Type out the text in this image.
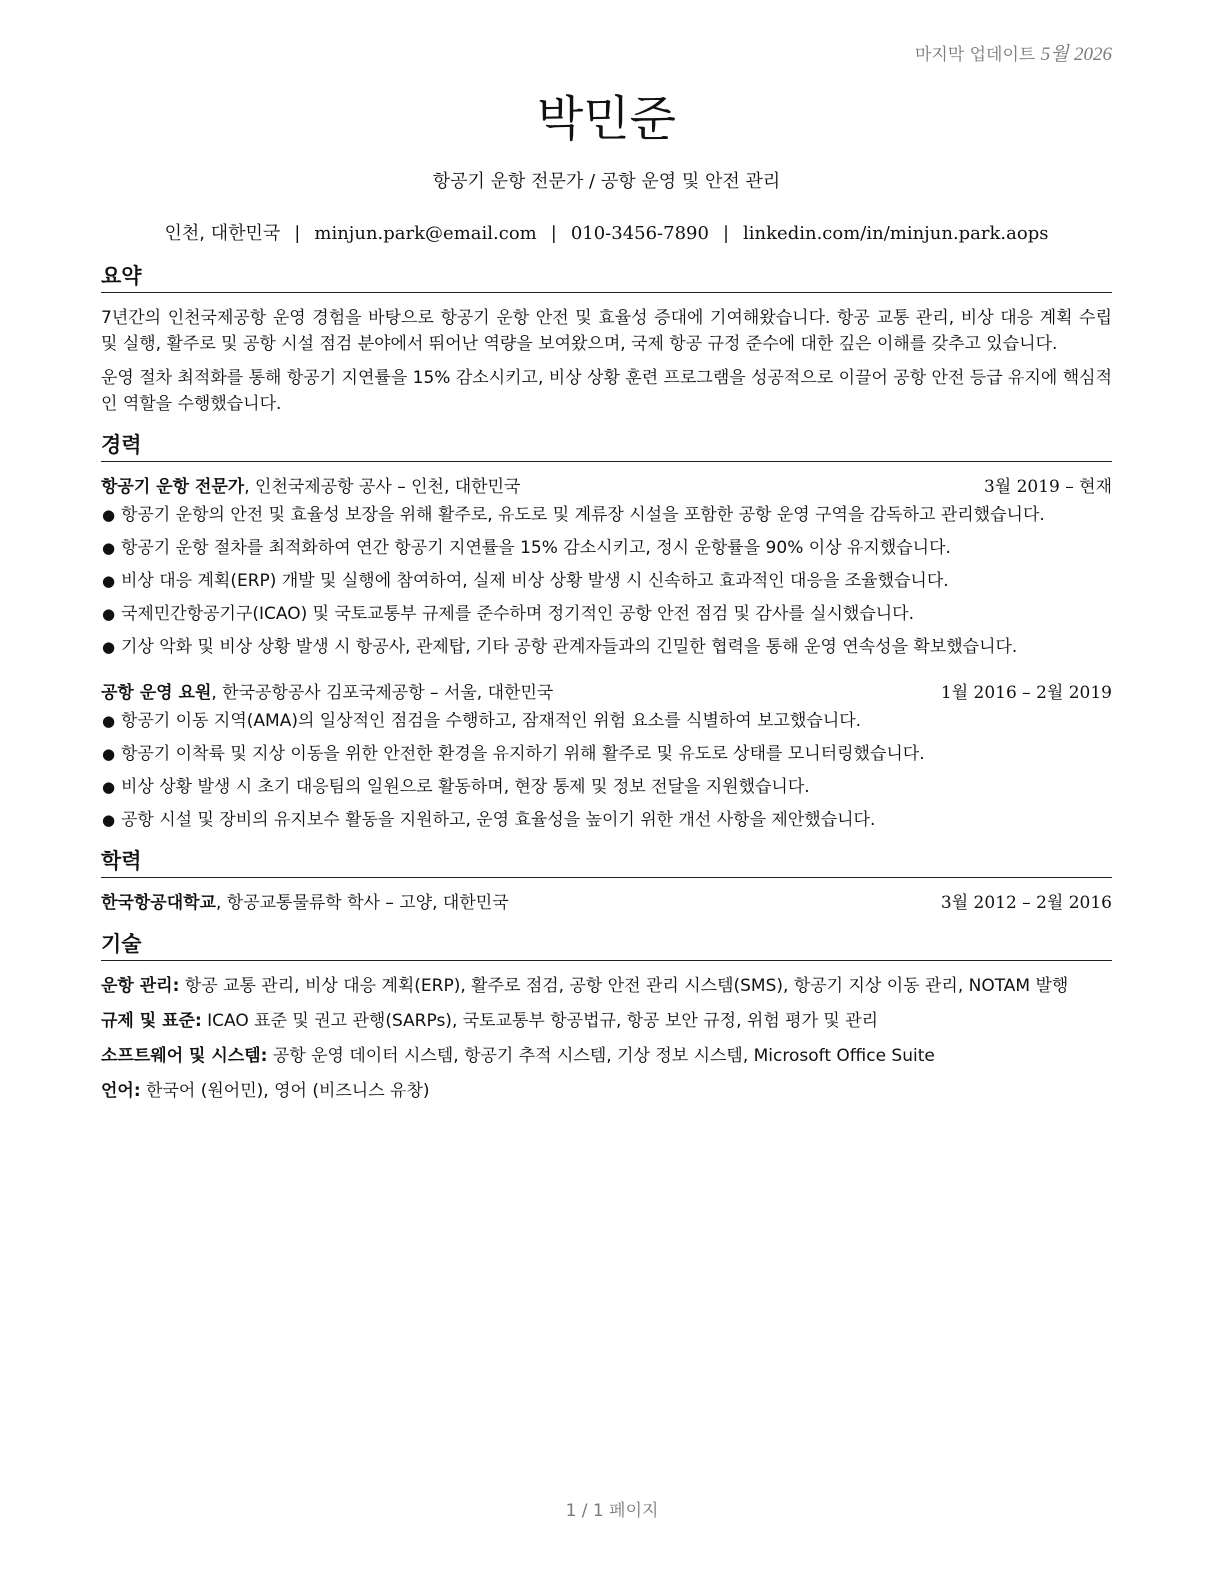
마지막 업데이트 5월 2026
박민준
항공기 운항 전문가 / 공항 운영 및 안전 관리
인천, 대한민국 | minjun.park@email.com | 010-3456-7890 | linkedin.com/in/minjun.park.aops
요약

7년간의 인천국제공항 운영 경험을 바탕으로 항공기 운항 안전 및 효율성 증대에 기여해왔습니다. 항공 교통 관리, 비상 대응 계획 수립 및 실행, 활주로 및 공항 시설 점검 분야에서 뛰어난 역량을 보여왔으며, 국제 항공 규정 준수에 대한 깊은 이해를 갖추고 있습니다.

운영 절차 최적화를 통해 항공기 지연률을 15% 감소시키고, 비상 상황 훈련 프로그램을 성공적으로 이끌어 공항 안전 등급 유지에 핵심적인 역할을 수행했습니다.

경력
항공기 운항 전문가, 인천국제공항 공사 – 인천, 대한민국	3월 2019 – 현재
● 항공기 운항의 안전 및 효율성 보장을 위해 활주로, 유도로 및 계류장 시설을 포함한 공항 운영 구역을 감독하고 관리했습니다.
● 항공기 운항 절차를 최적화하여 연간 항공기 지연률을 15% 감소시키고, 정시 운항률을 90% 이상 유지했습니다.
● 비상 대응 계획(ERP) 개발 및 실행에 참여하여, 실제 비상 상황 발생 시 신속하고 효과적인 대응을 조율했습니다.
● 국제민간항공기구(ICAO) 및 국토교통부 규제를 준수하며 정기적인 공항 안전 점검 및 감사를 실시했습니다.
● 기상 악화 및 비상 상황 발생 시 항공사, 관제탑, 기타 공항 관계자들과의 긴밀한 협력을 통해 운영 연속성을 확보했습니다.
공항 운영 요원, 한국공항공사 김포국제공항 – 서울, 대한민국	1월 2016 – 2월 2019
● 항공기 이동 지역(AMA)의 일상적인 점검을 수행하고, 잠재적인 위험 요소를 식별하여 보고했습니다.
● 항공기 이착륙 및 지상 이동을 위한 안전한 환경을 유지하기 위해 활주로 및 유도로 상태를 모니터링했습니다.
● 비상 상황 발생 시 초기 대응팀의 일원으로 활동하며, 현장 통제 및 정보 전달을 지원했습니다.
● 공항 시설 및 장비의 유지보수 활동을 지원하고, 운영 효율성을 높이기 위한 개선 사항을 제안했습니다.
학력
한국항공대학교, 항공교통물류학 학사 – 고양, 대한민국	3월 2012 – 2월 2016
기술
운항 관리: 항공 교통 관리, 비상 대응 계획(ERP), 활주로 점검, 공항 안전 관리 시스템(SMS), 항공기 지상 이동 관리, NOTAM 발행
규제 및 표준: ICAO 표준 및 권고 관행(SARPs), 국토교통부 항공법규, 항공 보안 규정, 위험 평가 및 관리
소프트웨어 및 시스템: 공항 운영 데이터 시스템, 항공기 추적 시스템, 기상 정보 시스템, Microsoft Office Suite
언어: 한국어 (원어민), 영어 (비즈니스 유창)
1 / 1 페이지
